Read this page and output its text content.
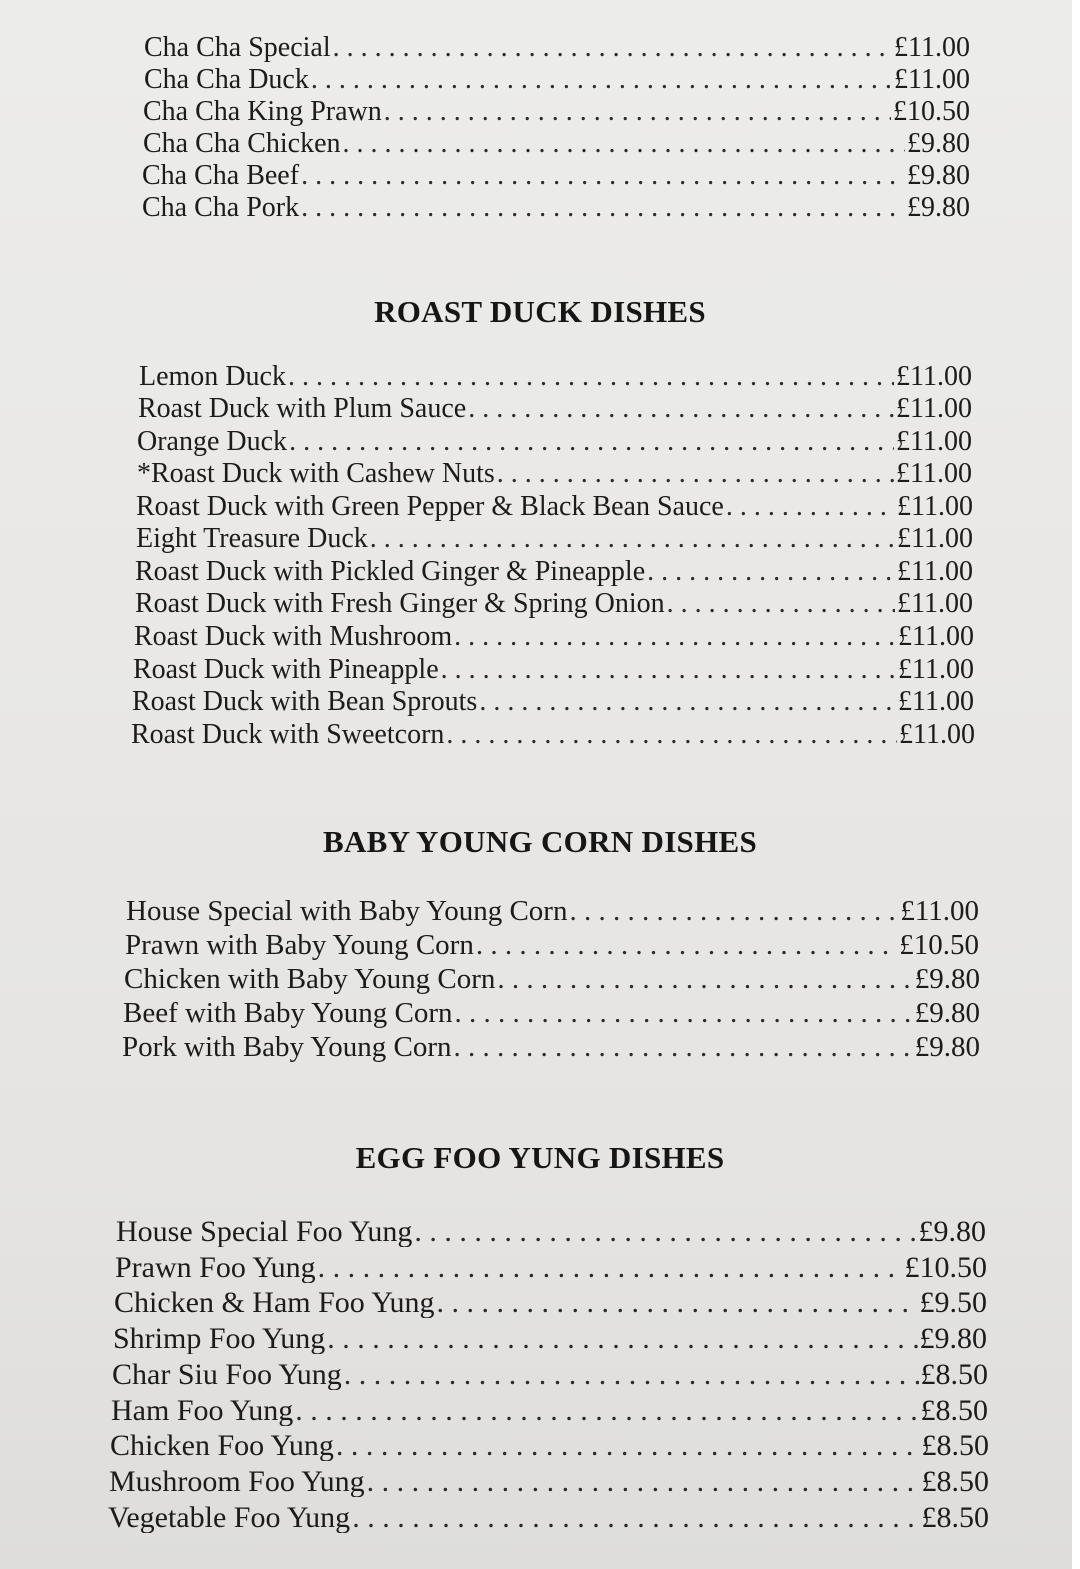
Cha Cha Special . . .	£11.00
Cha Cha Duck . . .	£11.00
Cha Cha King Prawn . . .	£10.50
Cha Cha Chicken . . .	£9.80
Cha Cha Beef . . .	£9.80
Cha Cha Pork . . .	£9.80
ROAST DUCK DISHES
Lemon Duck . . .	£11.00
Roast Duck with Plum Sauce . . .	£11.00
Orange Duck . . .	£11.00
*Roast Duck with Cashew Nuts . . .	£11.00
Roast Duck with Green Pepper & Black Bean Sauce . . .	£11.00
Eight Treasure Duck . . .	£11.00
Roast Duck with Pickled Ginger & Pineapple . . .	£11.00
Roast Duck with Fresh Ginger & Spring Onion . . .	£11.00
Roast Duck with Mushroom . . .	£11.00
Roast Duck with Pineapple . . .	£11.00
Roast Duck with Bean Sprouts . . .	£11.00
Roast Duck with Sweetcorn . . .	£11.00
BABY YOUNG CORN DISHES
House Special with Baby Young Corn . . .	£11.00
Prawn with Baby Young Corn . . .	£10.50
Chicken with Baby Young Corn . . .	£9.80
Beef with Baby Young Corn . . .	£9.80
Pork with Baby Young Corn . . .	£9.80
EGG FOO YUNG DISHES
House Special Foo Yung . . .	£9.80
Prawn Foo Yung . . .	£10.50
Chicken & Ham Foo Yung . . .	£9.50
Shrimp Foo Yung . . .	£9.80
Char Siu Foo Yung . . .	£8.50
Ham Foo Yung . . .	£8.50
Chicken Foo Yung . . .	£8.50
Mushroom Foo Yung . . .	£8.50
Vegetable Foo Yung . . .	£8.50
